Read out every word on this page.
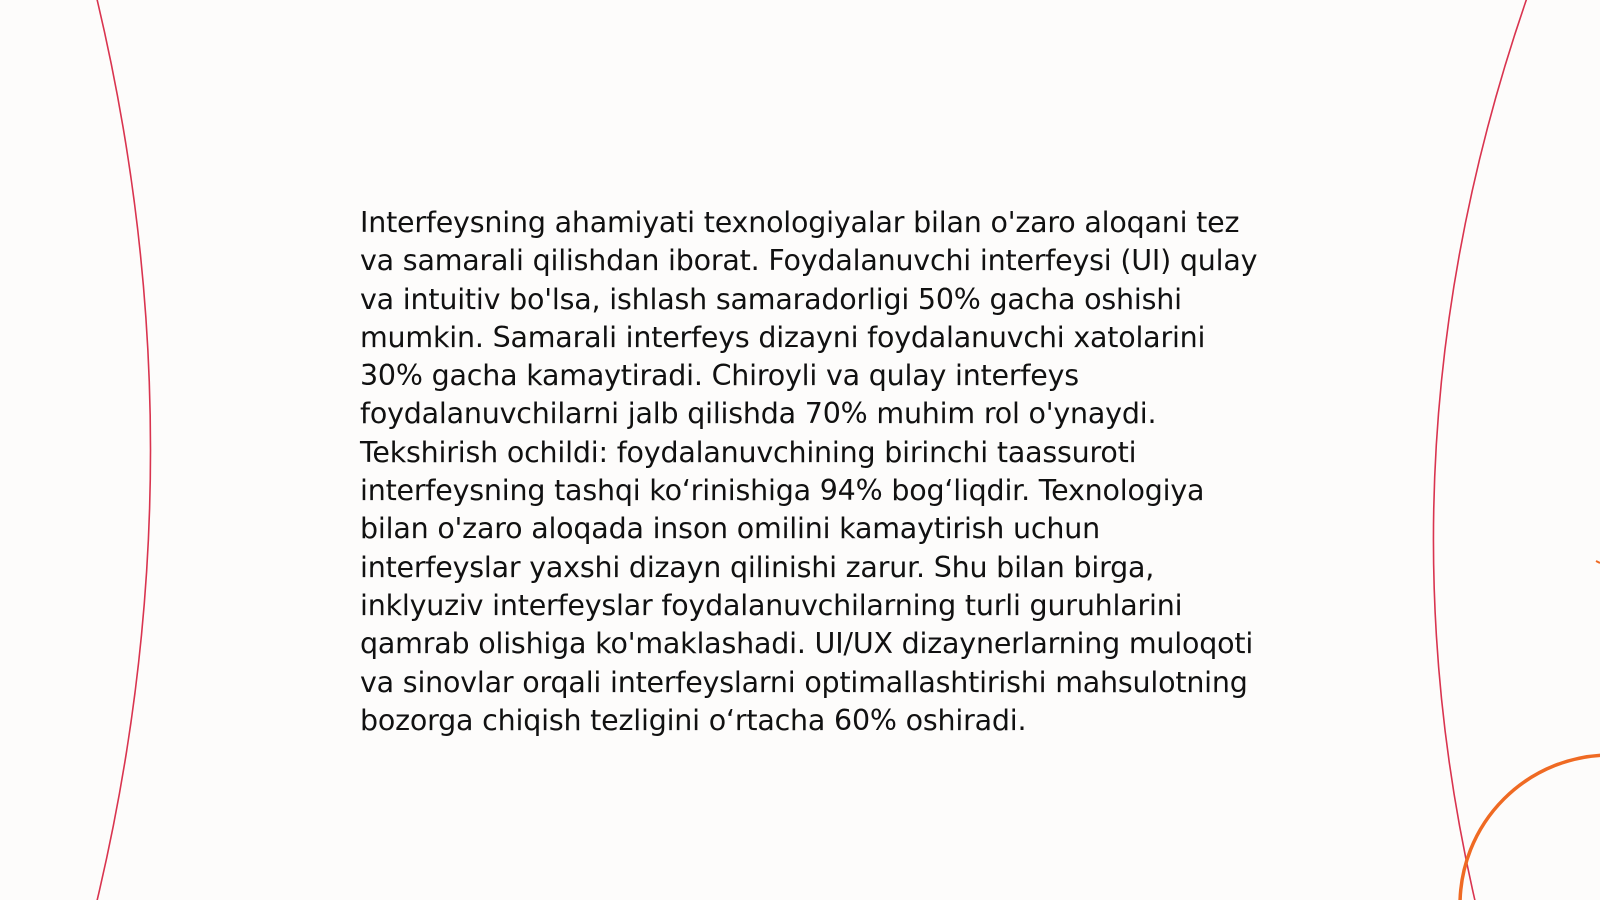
Interfeysning ahamiyati texnologiyalar bilan o'zaro aloqani tez va samarali qilishdan iborat. Foydalanuvchi interfeysi (UI) qulay va intuitiv bo'lsa, ishlash samaradorligi 50% gacha oshishi mumkin. Samarali interfeys dizayni foydalanuvchi xatolarini 30% gacha kamaytiradi. Chiroyli va qulay interfeys foydalanuvchilarni jalb qilishda 70% muhim rol o'ynaydi. Tekshirish ochildi: foydalanuvchining birinchi taassuroti interfeysning tashqi ko‘rinishiga 94% bog‘liqdir. Texnologiya bilan o'zaro aloqada inson omilini kamaytirish uchun interfeyslar yaxshi dizayn qilinishi zarur. Shu bilan birga, inklyuziv interfeyslar foydalanuvchilarning turli guruhlarini qamrab olishiga ko'maklashadi. UI/UX dizaynerlarning muloqoti va sinovlar orqali interfeyslarni optimallashtirishi mahsulotning bozorga chiqish tezligini o‘rtacha 60% oshiradi.
